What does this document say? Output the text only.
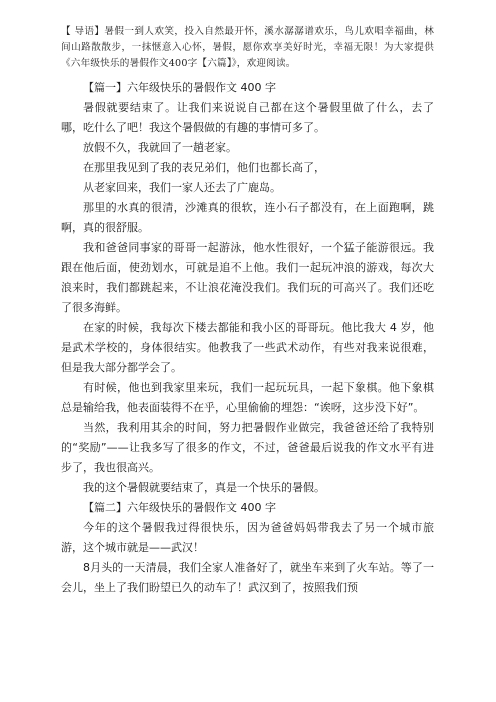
【 导语】暑假一到人欢笑，投入自然最开怀，溪水潺潺谱欢乐，鸟儿欢唱幸福曲，林间山路散散步，一抹惬意入心怀，暑假，愿你欢享美好时光，幸福无限！为大家提供《六年级快乐的暑假作文400字【六篇】》，欢迎阅读。

【篇一】六年级快乐的暑假作文 400 字

暑假就要结束了。让我们来说说自己都在这个暑假里做了什么，去了哪，吃什么了吧！我这个暑假做的有趣的事情可多了。

放假不久，我就回了一趟老家。

在那里我见到了我的表兄弟们，他们也都长高了，

从老家回来，我们一家人还去了广鹿岛。

那里的水真的很清，沙滩真的很软，连小石子都没有，在上面跑啊，跳啊，真的很舒服。

我和爸爸同事家的哥哥一起游泳，他水性很好，一个猛子能游很远。我跟在他后面，使劲划水，可就是追不上他。我们一起玩冲浪的游戏，每次大浪来时，我们都跳起来，不让浪花淹没我们。我们玩的可高兴了。我们还吃了很多海鲜。

在家的时候，我每次下楼去都能和我小区的哥哥玩。他比我大 4 岁，他是武术学校的，身体很结实。他教我了一些武术动作，有些对我来说很难，但是我大部分都学会了。

有时候，他也到我家里来玩，我们一起玩玩具，一起下象棋。他下象棋总是输给我，他表面装得不在乎，心里偷偷的埋怨：“诶呀，这步没下好”。

当然，我利用其余的时间，努力把暑假作业做完，我爸爸还给了我特别的“奖励”——让我多写了很多的作文，不过，爸爸最后说我的作文水平有进步了，我也很高兴。

我的这个暑假就要结束了，真是一个快乐的暑假。

【篇二】六年级快乐的暑假作文 400 字

今年的这个暑假我过得很快乐，因为爸爸妈妈带我去了另一个城市旅游，这个城市就是——武汉！

8月头的一天清晨，我们全家人准备好了，就坐车来到了火车站。等了一会儿，坐上了我们盼望已久的动车了！武汉到了，按照我们预
